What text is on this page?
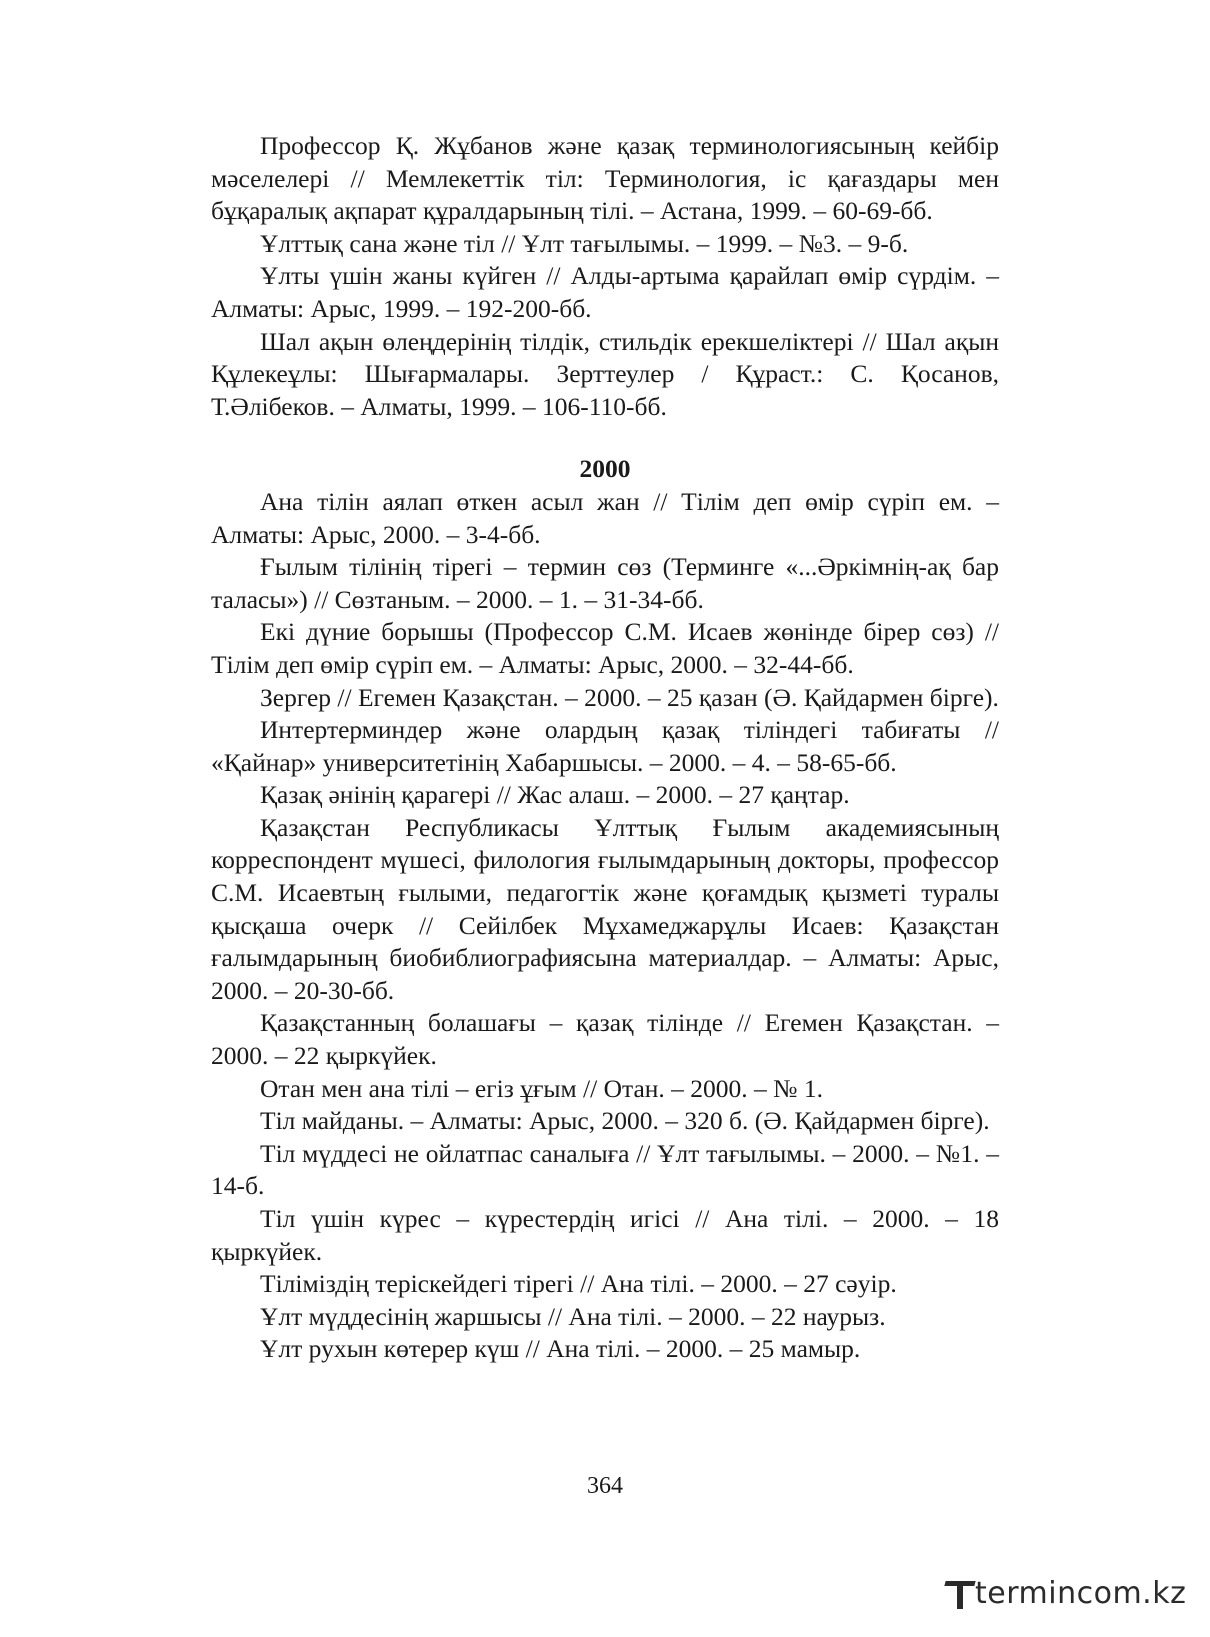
Профессор Қ. Жұбанов және қазақ терминологиясының кейбір мәселелері // Мемлекеттік тіл: Терминология, іс қағаздары мен бұқаралық ақпарат құралдарының тілі. – Астана, 1999. – 60-69-бб.

Ұлттық сана және тіл // Ұлт тағылымы. – 1999. – №3. – 9-б.

Ұлты үшін жаны күйген // Алды-артыма қарайлап өмір сүрдім. – Алматы: Арыс, 1999. – 192-200-бб.

Шал ақын өлеңдерінің тілдік, стильдік ерекшеліктері // Шал ақын Құлекеұлы: Шығармалары. Зерттеулер / Құраст.: С. Қосанов, Т.Әлібеков. – Алматы, 1999. – 106-110-бб.

2000

Ана тілін аялап өткен асыл жан // Тілім деп өмір сүріп ем. – Алматы: Арыс, 2000. – 3-4-бб.

Ғылым тілінің тірегі – термин сөз (Терминге «...Әркімнің-ақ бар таласы») // Сөзтаным. – 2000. – 1. – 31-34-бб.

Екі дүние борышы (Профессор С.М. Исаев жөнінде бірер сөз) // Тілім деп өмір сүріп ем. – Алматы: Арыс, 2000. – 32-44-бб.

Зергер // Егемен Қазақстан. – 2000. – 25 қазан (Ә. Қайдармен бірге).

Интертерминдер және олардың қазақ тіліндегі табиғаты // «Қайнар» университетінің Хабаршысы. – 2000. – 4. – 58-65-бб.

Қазақ әнінің қарагері // Жас алаш. – 2000. – 27 қаңтар.

Қазақстан Республикасы Ұлттық Ғылым академиясының корреспондент мүшесі, филология ғылымдарының докторы, профессор С.М. Исаевтың ғылыми, педагогтік және қоғамдық қызметі туралы қысқаша очерк // Сейілбек Мұхамеджарұлы Исаев: Қазақстан ғалымдарының биобиблиографиясына материалдар. – Алматы: Арыс, 2000. – 20-30-бб.

Қазақстанның болашағы – қазақ тілінде // Егемен Қазақстан. – 2000. – 22 қыркүйек.

Отан мен ана тілі – егіз ұғым // Отан. – 2000. – № 1.

Тіл майданы. – Алматы: Арыс, 2000. – 320 б. (Ә. Қайдармен бірге).

Тіл мүддесі не ойлатпас саналыға // Ұлт тағылымы. – 2000. – №1. – 14-б.

Тіл үшін күрес – күрестердің игісі // Ана тілі. – 2000. – 18 қыркүйек.

Тіліміздің терiскейдегі тірегі // Ана тілі. – 2000. – 27 сәуір.

Ұлт мүддесінің жаршысы // Ана тілі. – 2000. – 22 наурыз.

Ұлт рухын көтерер күш // Ана тілі. – 2000. – 25 мамыр.

364
termincom.kz
